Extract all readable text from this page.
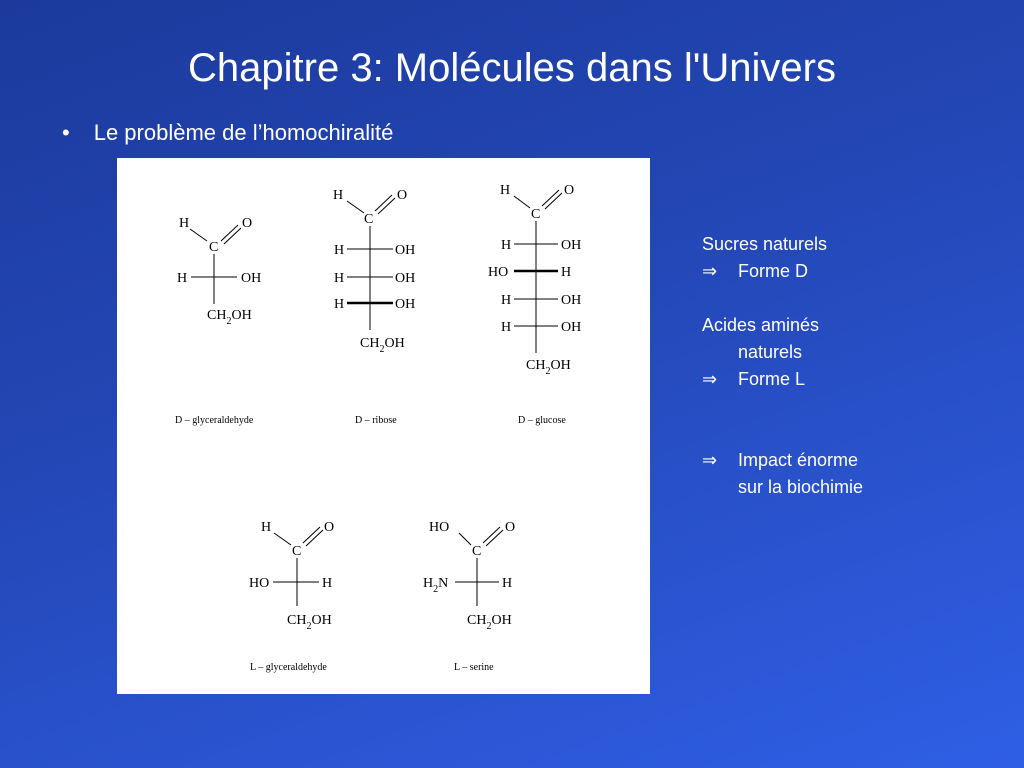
Chapitre 3: Molécules dans l'Univers
• Le problème de l’homochiralité
H	O
C
H	OH
$CH_2OH$
D – glyceraldehyde
H	O
C
H	OH
H	OH
H	OH
$CH_2OH$
D – ribose
H	O
C
H	OH
HO	H
H	OH
H	OH
$CH_2OH$
D – glucose
H	O
C
HO	H
$CH_2OH$
L – glyceraldehyde
HO	O
C
$H_2N$	H
$CH_2OH$
L – serine
Sucres naturels
⇒	Forme D
Acides aminés
naturels
⇒	Forme L
⇒	Impact énorme
sur la biochimie
